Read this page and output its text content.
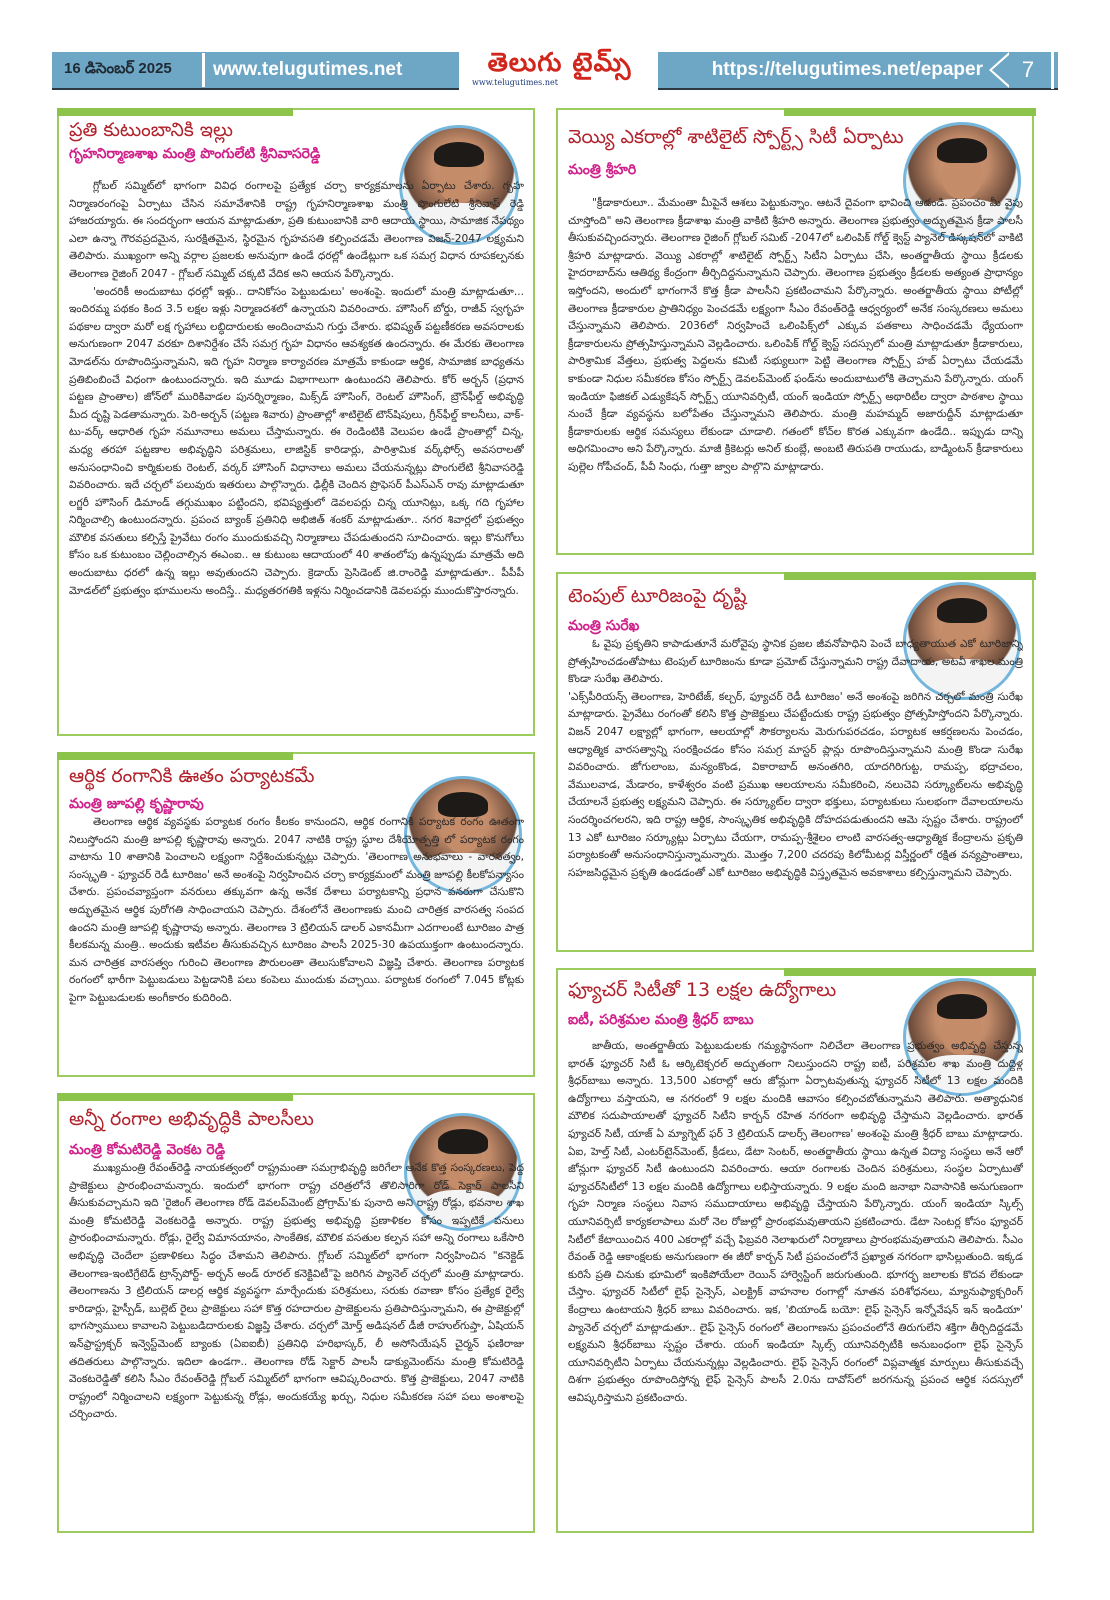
16 డిసెంబర్ 2025	www.telugutimes.net	తెలుగు టైమ్స్
www.telugutimes.net
https://telugutimes.net/epaper	7
ప్రతి కుటుంబానికి ఇల్లు
గృహనిర్మాణశాఖ మంత్రి పొంగులేటి శ్రీనివాసరెడ్డి

గ్లోబల్ సమ్మిట్‌లో భాగంగా వివిధ రంగాలపై ప్రత్యేక చర్చా కార్యక్రమాలను ఏర్పాటు చేశారు. గృహ నిర్మాణరంగంపై ఏర్పాటు చేసిన సమావేశానికి రాష్ట్ర గృహనిర్మాణశాఖ మంత్రి పొంగులేటి శ్రీనివాస్ రెడ్డి హాజరయ్యారు. ఈ సందర్భంగా ఆయన మాట్లాడుతూ, ప్రతి కుటుంబానికి వారి ఆదాయ స్థాయి, సామాజిక నేపథ్యం ఎలా ఉన్నా గౌరవప్రదమైన, సురక్షితమైన, స్థిరమైన గృహవసతి కల్పించడమే తెలంగాణ విజన్-2047 లక్ష్యమని తెలిపారు. ముఖ్యంగా అన్ని వర్గాల ప్రజలకు అనువుగా ఉండే ధరల్లో ఉండేట్లుగా ఒక సమగ్ర విధాన రూపకల్పనకు తెలంగాణ రైజింగ్ 2047 - గ్లోబల్ సమ్మిట్ చక్కటి వేదిక అని ఆయన పేర్కొన్నారు.

'అందరికీ అందుబాటు ధరల్లో ఇళ్లు.. దానికోసం పెట్టుబడులు' అంశంపై. ఇందులో మంత్రి మాట్లాడుతూ... ఇందిరమ్మ పథకం కింద 3.5 లక్షల ఇళ్లు నిర్మాణదశలో ఉన్నాయని వివరించారు. హౌసింగ్ బోర్డు, రాజీవ్ స్వగృహ పథకాల ద్వారా మరో లక్ష గృహాలు లబ్ధిదారులకు అందించామని గుర్తు చేశారు. భవిష్యత్ పట్టణీకరణ అవసరాలకు అనుగుణంగా 2047 వరకూ దిశానిర్దేశం చేసే సమగ్ర గృహ విధానం ఆవశ్యకత ఉందన్నారు. ఈ మేరకు తెలంగాణ మోడల్‌ను రూపొందిస్తున్నామని, ఇది గృహ నిర్మాణ కార్యాచరణ మాత్రమే కాకుండా ఆర్థిక, సామాజిక బాధ్యతను ప్రతిబింబించే విధంగా ఉంటుందన్నారు. ఇది మూడు విభాగాలుగా ఉంటుందని తెలిపారు. కోర్ అర్బన్ (ప్రధాన పట్టణ ప్రాంతాల) జోన్‌లో మురికివాడల పునర్నిర్మాణం, మిక్స్‌డ్ హౌసింగ్, రెంటల్ హౌసింగ్, బ్రౌన్‌ఫీల్డ్ అభివృద్ధి మీద దృష్టి పెడతామన్నారు. పెరి-అర్బన్ (పట్టణ శివారు) ప్రాంతాల్లో శాటిలైట్ టౌన్‌షిపులు, గ్రీన్‌ఫీల్డ్ కాలనీలు, వాక్-టు-వర్క్ ఆధారిత గృహ నమూనాలు అమలు చేస్తామన్నారు. ఈ రెండింటికి వెలుపల ఉండే ప్రాంతాల్లో చిన్న, మధ్య తరహా పట్టణాల అభివృద్ధిని పరిశ్రమలు, లాజిస్టిక్ కారిడార్లు, పారిశ్రామిక వర్క్‌ఫోర్స్ అవసరాలతో అనుసంధానించి కార్మికులకు రెంటల్, వర్కర్ హౌసింగ్ విధానాలు అమలు చేయనున్నట్లు పొంగులేటి శ్రీనివాసరెడ్డి వివరించారు. ఇదే చర్చలో పలువురు ఇతరులు పాల్గొన్నారు. ఢిల్లీకి చెందిన ప్రొఫెసర్ పీఎస్‌ఎన్ రావు మాట్లాడుతూ లగ్జరీ హౌసింగ్ డిమాండ్ తగ్గుముఖం పట్టిందని, భవిష్యత్తులో డెవలపర్లు చిన్న యూనిట్లు, ఒక్క గది గృహాల నిర్మించాల్సి ఉంటుందన్నారు. ప్రపంచ బ్యాంక్ ప్రతినిధి అభిజిత్ శంకర్ మాట్లాడుతూ.. నగర శివార్లలో ప్రభుత్వం మౌలిక వసతులు కల్పిస్తే ప్రైవేటు రంగం ముందుకువచ్చి నిర్మాణాలు చేపడుతుందని సూచించారు. ఇల్లు కొనుగోలు కోసం ఒక కుటుంబం చెల్లించాల్సిన ఈఎంఐ.. ఆ కుటుంబ ఆదాయంలో 40 శాతంలోపు ఉన్నప్పుడు మాత్రమే అది అందుబాటు ధరలో ఉన్న ఇల్లు అవుతుందని చెప్పారు. క్రెడాయ్ ప్రెసిడెంట్ జి.రాంరెడ్డి మాట్లాడుతూ.. పీపీపీ మోడల్‌లో ప్రభుత్వం భూములను అందిస్తే.. మధ్యతరగతికి ఇళ్లను నిర్మించడానికి డెవలపర్లు ముందుకొస్తారన్నారు.

ఆర్థిక రంగానికి ఊతం పర్యాటకమే
మంత్రి జూపల్లి కృష్ణారావు

తెలంగాణ ఆర్థిక వ్యవస్థకు పర్యాటక రంగం కీలకం కానుందని, ఆర్థిక రంగానికి పర్యాటక రంగం ఊతంగా నిలుస్తోందని మంత్రి జూపల్లి కృష్ణారావు అన్నారు. 2047 నాటికి రాష్ట్ర స్థూల దేశీయోత్పత్తి లో పర్యాటక రంగం వాటాను 10 శాతానికి పెంచాలని లక్ష్యంగా నిర్దేశించుకున్నట్లు చెప్పారు. 'తెలంగాణ అనుభవాలు - వారసత్వం, సంస్కృతి - ఫ్యూచర్ రెడీ టూరిజం' అనే అంశంపై నిర్వహించిన చర్చా కార్యక్రమంలో మంత్రి జూపల్లి కీలకోపన్యాసం చేశారు. ప్రపంచవ్యాప్తంగా వనరులు తక్కువగా ఉన్న అనేక దేశాలు పర్యాటకాన్ని ప్రధాన వనరుగా చేసుకొని అద్భుతమైన ఆర్థిక పురోగతి సాధించాయని చెప్పారు. దేశంలోనే తెలంగాణకు మంచి చారిత్రక వారసత్వ సంపద ఉందని మంత్రి జూపల్లి కృష్ణారావు అన్నారు. తెలంగాణ 3 ట్రిలియన్ డాలర్ ఎకానమీగా ఎదగాలంటే టూరిజం పాత్ర కీలకమన్న మంత్రి.. అందుకు ఇటీవల తీసుకువచ్చిన టూరిజం పాలసీ 2025-30 ఉపయుక్తంగా ఉంటుందన్నారు. మన చారిత్రక వారసత్వం గురించి తెలంగాణ పౌరులంతా తెలుసుకోవాలని విజ్ఞప్తి చేశారు. తెలంగాణ పర్యాటక రంగంలో భారీగా పెట్టుబడులు పెట్టడానికి పలు కంపెలు ముందుకు వచ్చాయి. పర్యాటక రంగంలో 7.045 కోట్లకు పైగా పెట్టుబడులకు అంగీకారం కుదిరింది.

అన్నీ రంగాల అభివృద్ధికి పాలసీలు
మంత్రి కోమటిరెడ్డి వెంకట రెడ్డి

ముఖ్యమంత్రి రేవంత్‌రెడ్డి నాయకత్వంలో రాష్ట్రమంతా సమగ్రాభివృద్ధి జరిగేలా అనేక కొత్త సంస్కరణలు, పెద్ద ప్రాజెక్టులు ప్రారంభించామన్నారు. ఇందులో భాగంగా రాష్ట్ర చరిత్రలోనే తొలిసారిగా రోడ్ సెక్టార్ పాలసీని తీసుకువచ్చామని ఇది 'రైజింగ్ తెలంగాణ రోడ్ డెవలప్‌మెంట్ ప్రోగ్రామ్'కు పునాది అని రాష్ట్ర రోడ్లు, భవనాల శాఖ మంత్రి కోమటిరెడ్డి వెంకటరెడ్డి అన్నారు. రాష్ట్ర ప్రభుత్వ అభివృద్ధి ప్రణాళికల కోసం ఇప్పటికే పనులు ప్రారంభించామన్నారు. రోడ్లు, రైల్వే విమానయానం, సాంకేతిక, మౌలిక వసతుల కల్పన సహా అన్ని రంగాలు ఒకేసారి అభివృద్ధి చెందేలా ప్రణాళికలు సిద్ధం చేశామని తెలిపారు. గ్లోబల్ సమ్మిట్‌లో భాగంగా నిర్వహించిన "కనెక్టెడ్ తెలంగాణ-ఇంటిగ్రేటెడ్ ట్రాన్స్‌పోర్ట్- అర్బన్ అండ్ రూరల్ కనెక్టివిటీ"పై జరిగిన ప్యానెల్ చర్చలో మంత్రి మాట్లాడారు. తెలంగాణను 3 ట్రిలియన్ డాలర్ల ఆర్థిక వ్యవస్థగా మార్చేందుకు పరిశ్రమలు, సరుకు రవాణా కోసం ప్రత్యేక రైల్వే కారిడార్లు, హైస్పీడ్, బుల్లెట్ రైలు ప్రాజెక్టులు సహా కొత్త రహదారుల ప్రాజెక్టులను ప్రతిపాదిస్తున్నామని, ఈ ప్రాజెక్టుల్లో భాగస్వాములు కావాలని పెట్టుబడిదారులకు విజ్ఞప్తి చేశారు. చర్చలో మోర్త్ అడిషనల్ డీజీ రాహుల్‌గుప్తా, ఏషియన్ ఇన్‌ఫ్రాస్ట్రక్చర్ ఇన్వెస్ట్‌మెంట్ బ్యాంకు (ఏఐఐబీ) ప్రతినిధి హరిభాస్కర్, లీ అసోసియేషన్ చైర్మన్ ఫణిరాజు తదితరులు పాల్గొన్నారు. ఇదిలా ఉండగా.. తెలంగాణ రోడ్ సెక్టార్ పాలసీ డాక్యుమెంట్‌ను మంత్రి కోమటిరెడ్డి వెంకటరెడ్డితో కలిసి సీఎం రేవంత్‌రెడ్డి గ్లోబల్ సమ్మిట్‌లో భాగంగా ఆవిష్కరించారు. కొత్త ప్రాజెక్టులు, 2047 నాటికి రాష్ట్రంలో నిర్మించాలని లక్ష్యంగా పెట్టుకున్న రోడ్లు, అందుకయ్యే ఖర్చు, నిధుల సమీకరణ సహా పలు అంశాలపై చర్చించారు.

వెయ్యి ఎకరాల్లో శాటిలైట్ స్పోర్ట్స్ సిటీ ఏర్పాటు
మంత్రి శ్రీహరి

"క్రీడాకారులూ.. మేమంతా మీపైనే ఆశలు పెట్టుకున్నాం. ఆటనే దైవంగా భావించి ఆడండి. ప్రపంచం మీ వైపు చూస్తోంది" అని తెలంగాణ క్రీడాశాఖ మంత్రి వాకిటి శ్రీహరి అన్నారు. తెలంగాణ ప్రభుత్వం అద్భుతమైన క్రీడా పాలసీ తీసుకువచ్చిందన్నారు. తెలంగాణ రైజింగ్ గ్లోబల్ సమిట్ -2047లో ఒలింపిక్ గోల్డ్ క్వెస్ట్ ప్యానెల్ డిస్కషన్‌లో వాకిటి శ్రీహరి మాట్లాడారు. వెయ్యి ఎకరాల్లో శాటిలైట్ స్పోర్ట్స్ సిటీని ఏర్పాటు చేసి, అంతర్జాతీయ స్థాయి క్రీడలకు హైదరాబాద్‌ను ఆతిథ్య కేంద్రంగా తీర్చిదిద్దనున్నామని చెప్పారు. తెలంగాణ ప్రభుత్వం క్రీడలకు అత్యంత ప్రాధాన్యం ఇస్తోందని, అందులో భాగంగానే కొత్త క్రీడా పాలసీని ప్రకటించామని పేర్కొన్నారు. అంతర్జాతీయ స్థాయి పోటీల్లో తెలంగాణ క్రీడాకారుల ప్రాతినిధ్యం పెంచడమే లక్ష్యంగా సీఎం రేవంత్‌రెడ్డి ఆధ్వర్యంలో అనేక సంస్కరణలు అమలు చేస్తున్నామని తెలిపారు. 2036లో నిర్వహించే ఒలింపిక్స్‌లో ఎక్కువ పతకాలు సాధించడమే ధ్యేయంగా క్రీడాకారులను ప్రోత్సహిస్తున్నామని వెల్లడించారు. ఒలింపిక్ గోల్డ్ క్వెస్ట్ సదస్సులో మంత్రి మాట్లాడుతూ క్రీడాకారులు, పారిశ్రామిక వేత్తలు, ప్రభుత్వ పెద్దలను కమిటీ సభ్యులుగా పెట్టి తెలంగాణ స్పోర్ట్స్ హబ్ ఏర్పాటు చేయడమే కాకుండా నిధుల సమీకరణ కోసం స్పోర్ట్స్ డెవలప్‌మెంట్ ఫండ్‌ను అందుబాటులోకి తెచ్చామని పేర్కొన్నారు. యంగ్ ఇండియా ఫిజికల్ ఎడ్యుకేషన్ స్పోర్ట్స్ యూనివర్సిటీ, యంగ్ ఇండియా స్పోర్ట్స్ అథారిటీల ద్వారా పాఠశాల స్థాయి నుంచే క్రీడా వ్యవస్థను బలోపేతం చేస్తున్నామని తెలిపారు. మంత్రి మహమ్మద్ అజారుద్దీన్ మాట్లాడుతూ క్రీడాకారులకు ఆర్థిక సమస్యలు లేకుండా చూడాలి. గతంలో కోచ్‌ల కొరత ఎక్కువగా ఉండేది.. ఇప్పుడు దాన్ని అధిగమించాం అని పేర్కొన్నారు. మాజీ క్రికెటర్లు అనిల్ కుంబ్లే, అంబటి తిరుపతి రాయుడు, బాడ్మింటన్ క్రీడాకారులు పుల్లెల గోపీచంద్, పీవీ సింధు, గుత్తా జ్వాల పాల్గొని మాట్లాడారు.

టెంపుల్ టూరిజంపై దృష్టి
మంత్రి సురేఖ

ఓ వైపు ప్రకృతిని కాపాడుతూనే మరోవైపు స్థానిక ప్రజల జీవనోపాధిని పెంచే బాధ్యతాయుత ఎకో టూరిజాన్ని ప్రోత్సహించడంతోపాటు టెంపుల్ టూరిజంను కూడా ప్రమోట్ చేస్తున్నామని రాష్ట్ర దేవాదాయ, అటవీ శాఖల మంత్రి కొండా సురేఖ తెలిపారు.

'ఎక్స్‌పీరియన్స్ తెలంగాణ, హెరిటేజ్, కల్చర్, ఫ్యూచర్ రెడీ టూరిజం' అనే అంశంపై జరిగిన చర్చలో మంత్రి సురేఖ మాట్లాడారు. ప్రైవేటు రంగంతో కలిసి కొత్త ప్రాజెక్టులు చేపట్టేందుకు రాష్ట్ర ప్రభుత్వం ప్రోత్సహిస్తోందని పేర్కొన్నారు. విజన్ 2047 లక్ష్యాల్లో భాగంగా, ఆలయాల్లో సౌకర్యాలను మెరుగుపరచడం, పర్యాటక ఆకర్షణలను పెంచడం, ఆధ్యాత్మిక వారసత్వాన్ని సంరక్షించడం కోసం సమగ్ర మాస్టర్ ప్లాన్లు రూపొందిస్తున్నామని మంత్రి కొండా సురేఖ వివరించారు. జోగులాంబ, మన్యంకొండ, వికారాబాద్ అనంతగిరి, యాదగిరిగుట్ట, రామప్ప, భద్రాచలం, వేములవాడ, మేడారం, కాళేశ్వరం వంటి ప్రముఖ ఆలయాలను సమీకరించి, నలుచెవి సర్క్యూట్‌లను అభివృద్ధి చేయాలనే ప్రభుత్వ లక్ష్యమని చెప్పారు. ఈ సర్క్యూట్‌ల ద్వారా భక్తులు, పర్యాటకులు సులభంగా దేవాలయాలను సందర్శించగలరని, ఇది రాష్ట్ర ఆర్థిక, సాంస్కృతిక అభివృద్ధికి దోహదపడుతుందని ఆమె స్పష్టం చేశారు. రాష్ట్రంలో 13 ఎకో టూరిజం సర్క్యూట్లు ఏర్పాటు చేయగా, రామప్ప-శ్రీశైలం లాంటి వారసత్వ-ఆధ్యాత్మిక కేంద్రాలను ప్రకృతి పర్యాటకంతో అనుసంధానిస్తున్నామన్నారు. మొత్తం 7,200 చదరపు కిలోమీటర్ల విస్తీర్ణంలో రక్షిత వన్యప్రాంతాలు, సహజసిద్ధమైన ప్రకృతి ఉండడంతో ఎకో టూరిజం అభివృద్ధికి విస్తృతమైన అవకాశాలు కల్పిస్తున్నామని చెప్పారు.

ఫ్యూచర్ సిటీతో 13 లక్షల ఉద్యోగాలు
ఐటీ, పరిశ్రమల మంత్రి శ్రీధర్ బాబు

జాతీయ, అంతర్జాతీయ పెట్టుబడులకు గమ్యస్థానంగా నిలిచేలా తెలంగాణ ప్రభుత్వం అభివృద్ధి చేస్తున్న భారత్ ఫ్యూచర్ సిటీ ఓ ఆర్కిటెక్చరల్ అద్భుతంగా నిలుస్తుందని రాష్ట్ర ఐటీ, పరిశ్రమల శాఖ మంత్రి దుద్దిళ్ల శ్రీధర్‌బాబు అన్నారు. 13,500 ఎకరాల్లో ఆరు జోన్లుగా ఏర్పాటవుతున్న ఫ్యూచర్ సిటీలో 13 లక్షల మందికి ఉద్యోగాలు వస్తాయని, ఆ నగరంలో 9 లక్షల మందికి ఆవాసం కల్పించబోతున్నామని తెలిపారు. అత్యాధునిక మౌలిక సదుపాయాలతో ఫ్యూచర్ సిటీని కార్బన్ రహిత నగరంగా అభివృద్ధి చేస్తామని వెల్లడించారు. భారత్ ఫ్యూచర్ సిటీ, యాజ్ ఏ మ్యాగ్నెట్ ఫర్ 3 ట్రిలియన్ డాలర్స్ తెలంగాణ' అంశంపై మంత్రి శ్రీధర్ బాబు మాట్లాడారు. ఏఐ, హెల్త్ సిటీ, ఎంటర్‌టైన్‌మెంట్, క్రీడలు, డేటా సెంటర్, అంతర్జాతీయ స్థాయి ఉన్నత విద్యా సంస్థలు అనే ఆరో జోన్లుగా ఫ్యూచర్ సిటీ ఉంటుందని వివరించారు. ఆయా రంగాలకు చెందిన పరిశ్రమలు, సంస్థల ఏర్పాటుతో ఫ్యూచర్‌సిటీలో 13 లక్షల మందికి ఉద్యోగాలు లభిస్తాయన్నారు. 9 లక్షల మంది జనాభా నివాసానికి అనుగుణంగా గృహ నిర్మాణ సంస్థలు నివాస సముదాయాలు అభివృద్ధి చేస్తాయని పేర్కొన్నారు. యంగ్ ఇండియా స్కిల్స్ యూనివర్సిటీ కార్యకలాపాలు మరో నెల రోజుల్లో ప్రారంభమవుతాయని ప్రకటించారు. డేటా సెంటర్ల కోసం ఫ్యూచర్ సిటీలో కేటాయించిన 400 ఎకరాల్లో వచ్చే ఫిబ్రవరి నెలాఖరులో నిర్మాణాలు ప్రారంభమవుతాయని తెలిపారు. సీఎం రేవంత్ రెడ్డి ఆకాంక్షలకు అనుగుణంగా ఈ జీరో కార్బన్ సిటీ ప్రపంచంలోనే ప్రఖ్యాత నగరంగా భాసిల్లుతుంది. ఇక్కడ కురిసే ప్రతి చినుకు భూమిలో ఇంకిపోయేలా రెయిన్ హార్వెస్టింగ్ జరుగుతుంది. భూగర్భ జలాలకు కొదవ లేకుండా చేస్తాం. ఫ్యూచర్ సిటీలో లైఫ్ సైన్సెస్, ఎలక్ట్రిక్ వాహనాల రంగాల్లో నూతన పరిశోధనలు, మ్యానుఫ్యాక్చరింగ్ కేంద్రాలు ఉంటాయని శ్రీధర్ బాబు వివరించారు. ఇక, 'బియాండ్ బయో: లైఫ్ సైన్సెస్ ఇన్నోవేషన్ ఇన్ ఇండియా' ప్యానెల్ చర్చలో మాట్లాడుతూ.. లైఫ్ సైన్సెస్ రంగంలో తెలంగాణను ప్రపంచంలోనే తిరుగులేని శక్తిగా తీర్చిదిద్దడమే లక్ష్యమని శ్రీధర్‌బాబు స్పష్టం చేశారు. యంగ్ ఇండియా స్కిల్స్ యూనివర్సిటీకి అనుబంధంగా లైఫ్ సైన్సెస్ యూనివర్సిటీని ఏర్పాటు చేయనున్నట్లు వెల్లడించారు. లైఫ్ సైన్సెస్ రంగంలో విప్లవాత్మక మార్పులు తీసుకువచ్చే దిశగా ప్రభుత్వం రూపొందిస్తోన్న లైఫ్ సైన్సెస్ పాలసీ 2.0ను దావోస్‌లో జరగనున్న ప్రపంచ ఆర్థిక సదస్సులో ఆవిష్కరిస్తామని ప్రకటించారు.
